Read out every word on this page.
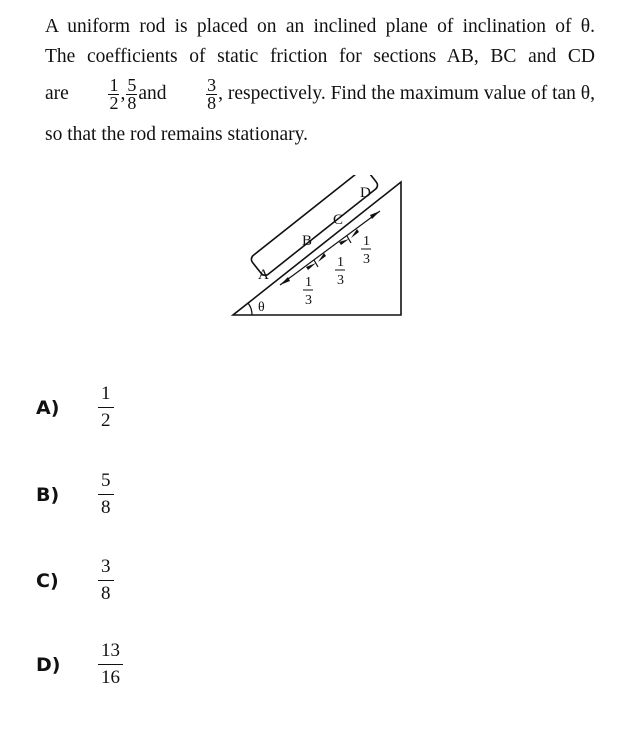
A uniform rod is placed on an inclined plane of inclination of θ.
The coefficients of static friction for sections AB, BC and CD
are $\frac{1}{2}$ , $\frac{5}{8}$ and $\frac{3}{8}$ , respectively. Find the maximum value of tan θ,
so that the rod remains stationary.
θ
A
B
C
D
1
3
1
3
1
3
A)	$\frac{1}{2}$
B)	$\frac{5}{8}$
C)	$\frac{3}{8}$
D)	$\frac{13}{16}$
